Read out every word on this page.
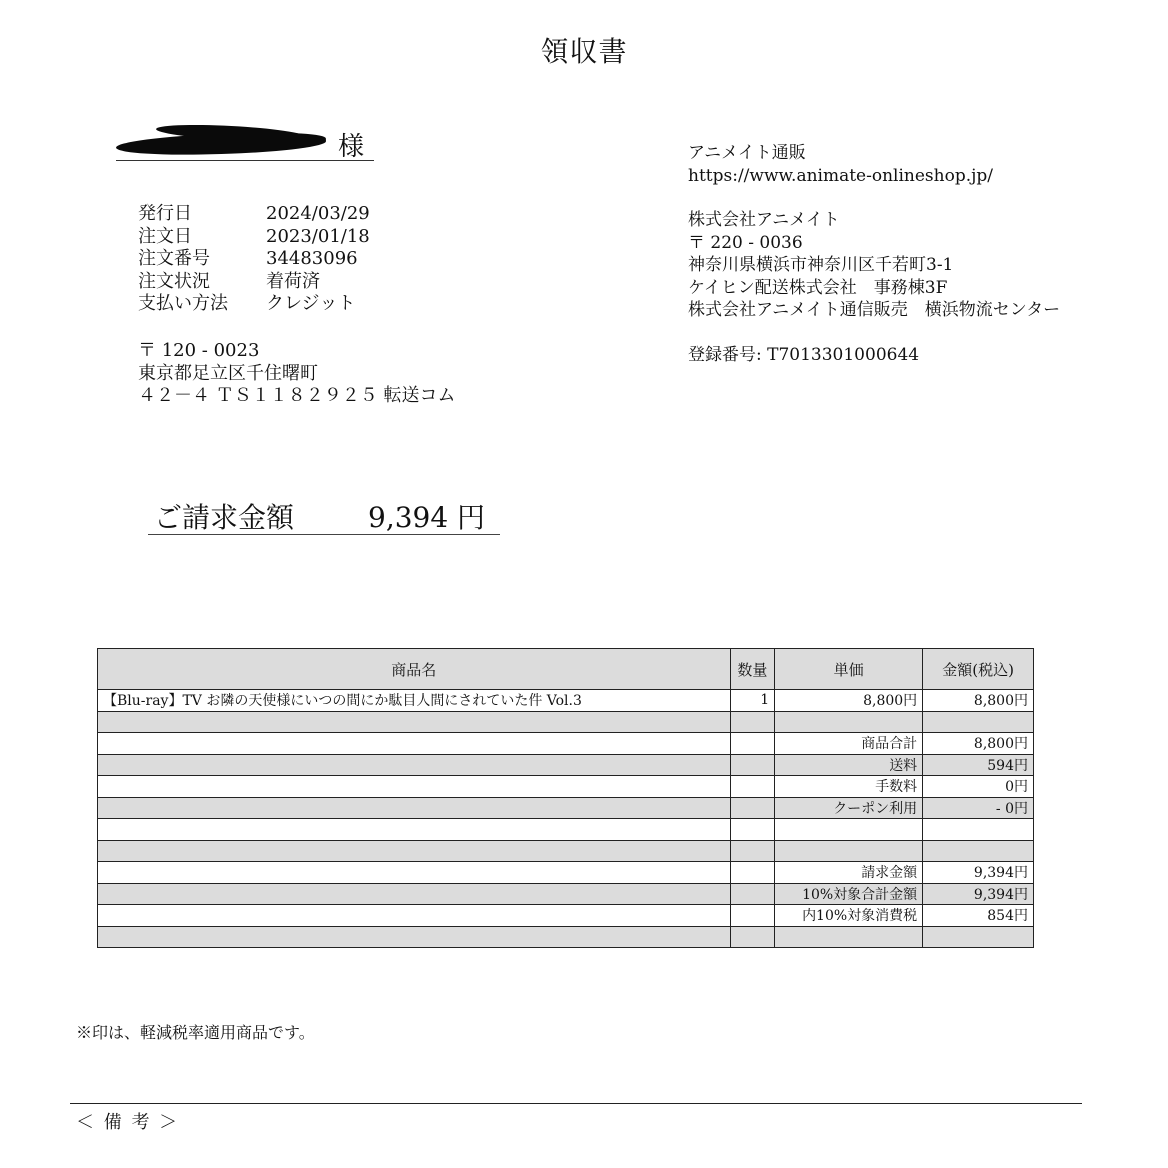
領収書
様
発行日	2024/03/29
注文日	2023/01/18
注文番号	34483096
注文状況	着荷済
支払い方法	クレジット
〒 120 - 0023
東京都足立区千住曙町
４２－４ ＴＳ１１８２９２５ 転送コム
ご請求金額	9,394 円
アニメイト通販
https://www.animate-onlineshop.jp/
株式会社アニメイト
〒 220 - 0036
神奈川県横浜市神奈川区千若町3-1
ケイヒン配送株式会社　事務棟3F
株式会社アニメイト通信販売　横浜物流センター
登録番号: T7013301000644
商品名	数量	単価	金額(税込)
【Blu-ray】TV お隣の天使様にいつの間にか駄目人間にされていた件 Vol.3	1	8,800円	8,800円

		商品合計	8,800円
		送料	594円
		手数料	0円
		クーポン利用	- 0円

		請求金額	9,394円
		10%対象合計金額	9,394円
		内10%対象消費税	854円

※印は、軽減税率適用商品です。
＜ 備 考 ＞
